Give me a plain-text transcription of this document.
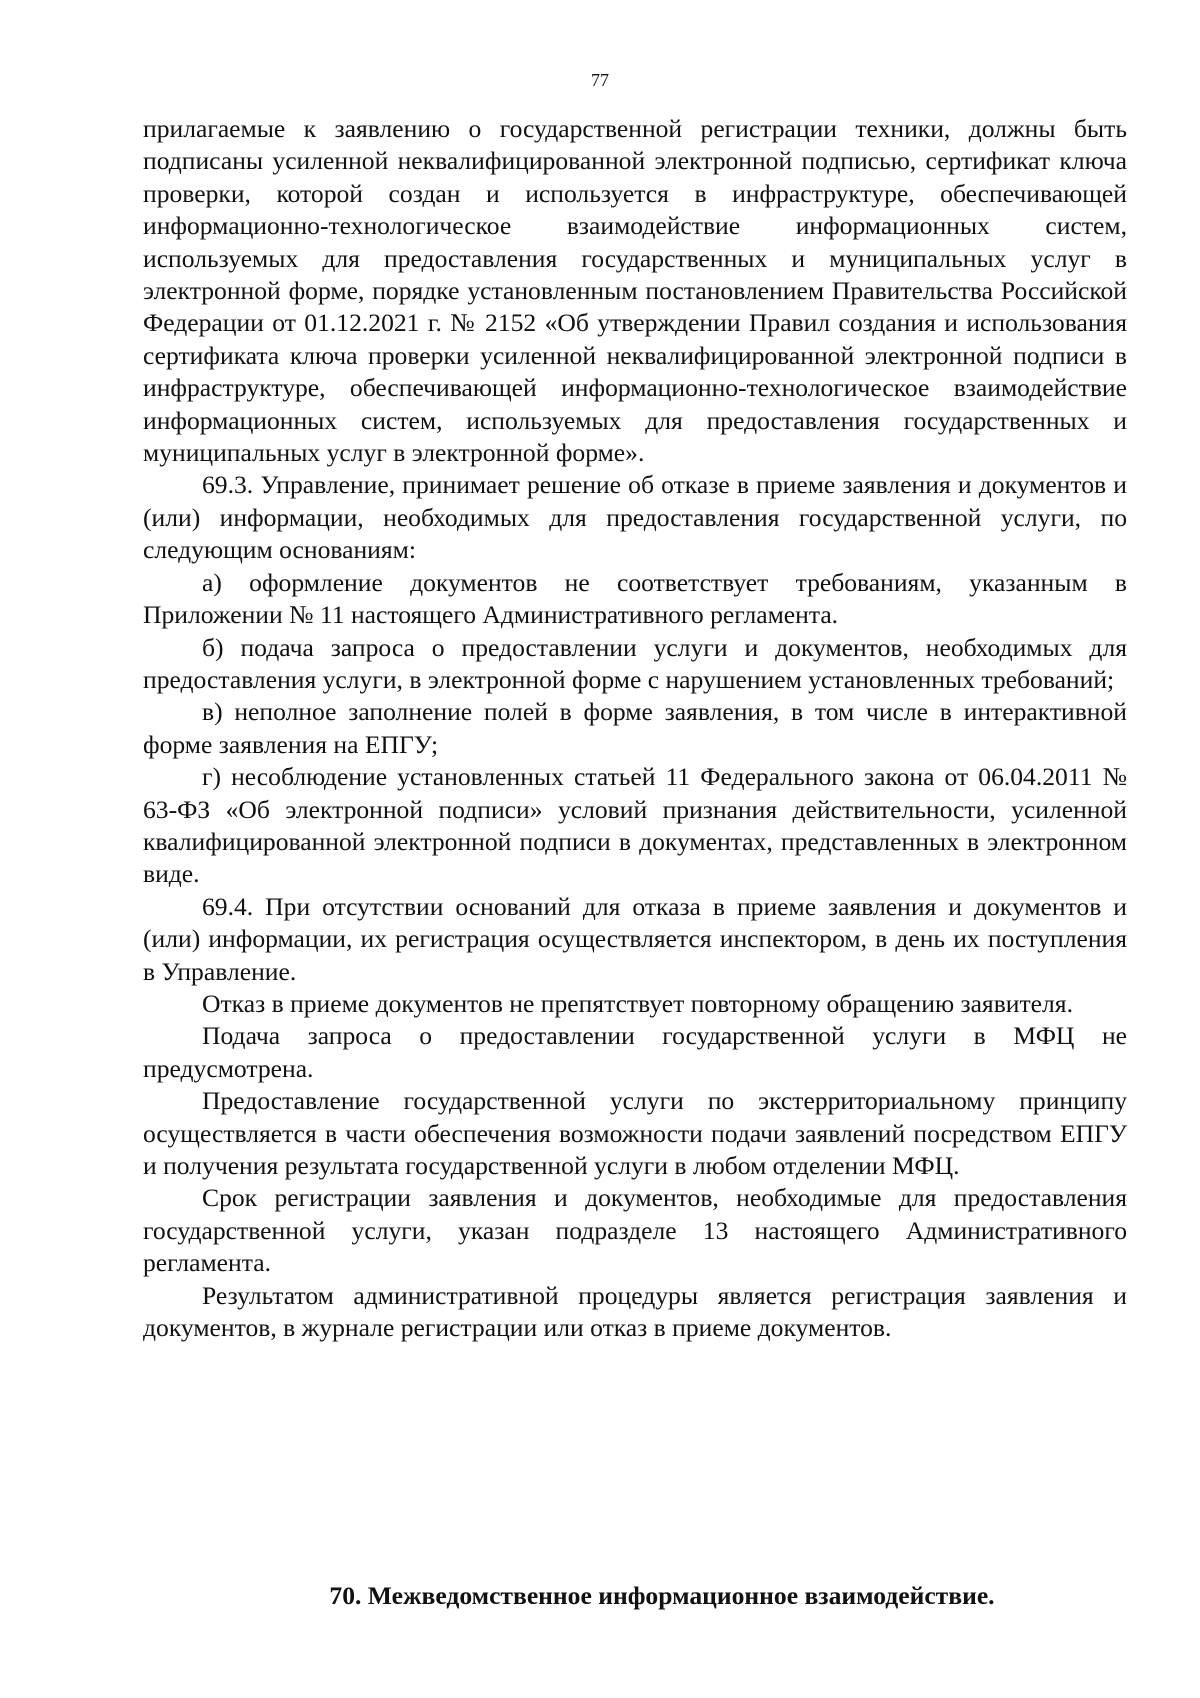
77

прилагаемые к заявлению о государственной регистрации техники, должны быть подписаны усиленной неквалифицированной электронной подписью, сертификат ключа проверки, которой создан и используется в инфраструктуре, обеспечивающей информационно-технологическое взаимодействие информационных систем, используемых для предоставления государственных и муниципальных услуг в электронной форме, порядке установленным постановлением Правительства Российской Федерации от 01.12.2021 г. № 2152 «Об утверждении Правил создания и использования сертификата ключа проверки усиленной неквалифицированной электронной подписи в инфраструктуре, обеспечивающей информационно-технологическое взаимодействие информационных систем, используемых для предоставления государственных и муниципальных услуг в электронной форме».

69.3. Управление, принимает решение об отказе в приеме заявления и документов и (или) информации, необходимых для предоставления государственной услуги, по следующим основаниям:

а) оформление документов не соответствует требованиям, указанным в Приложении № 11 настоящего Административного регламента.

б) подача запроса о предоставлении услуги и документов, необходимых для предоставления услуги, в электронной форме с нарушением установленных требований;

в) неполное заполнение полей в форме заявления, в том числе в интерактивной форме заявления на ЕПГУ;

г) несоблюдение установленных статьей 11 Федерального закона от 06.04.2011 № 63-ФЗ «Об электронной подписи» условий признания действительности, усиленной квалифицированной электронной подписи в документах, представленных в электронном виде.

69.4. При отсутствии оснований для отказа в приеме заявления и документов и (или) информации, их регистрация осуществляется инспектором, в день их поступления в Управление.

Отказ в приеме документов не препятствует повторному обращению заявителя.

Подача запроса о предоставлении государственной услуги в МФЦ не предусмотрена.

Предоставление государственной услуги по экстерриториальному принципу осуществляется в части обеспечения возможности подачи заявлений посредством ЕПГУ и получения результата государственной услуги в любом отделении МФЦ.

Срок регистрации заявления и документов, необходимые для предоставления государственной услуги, указан подразделе 13 настоящего Административного регламента.

Результатом административной процедуры является регистрация заявления и документов, в журнале регистрации или отказ в приеме документов.

70. Межведомственное информационное взаимодействие.
